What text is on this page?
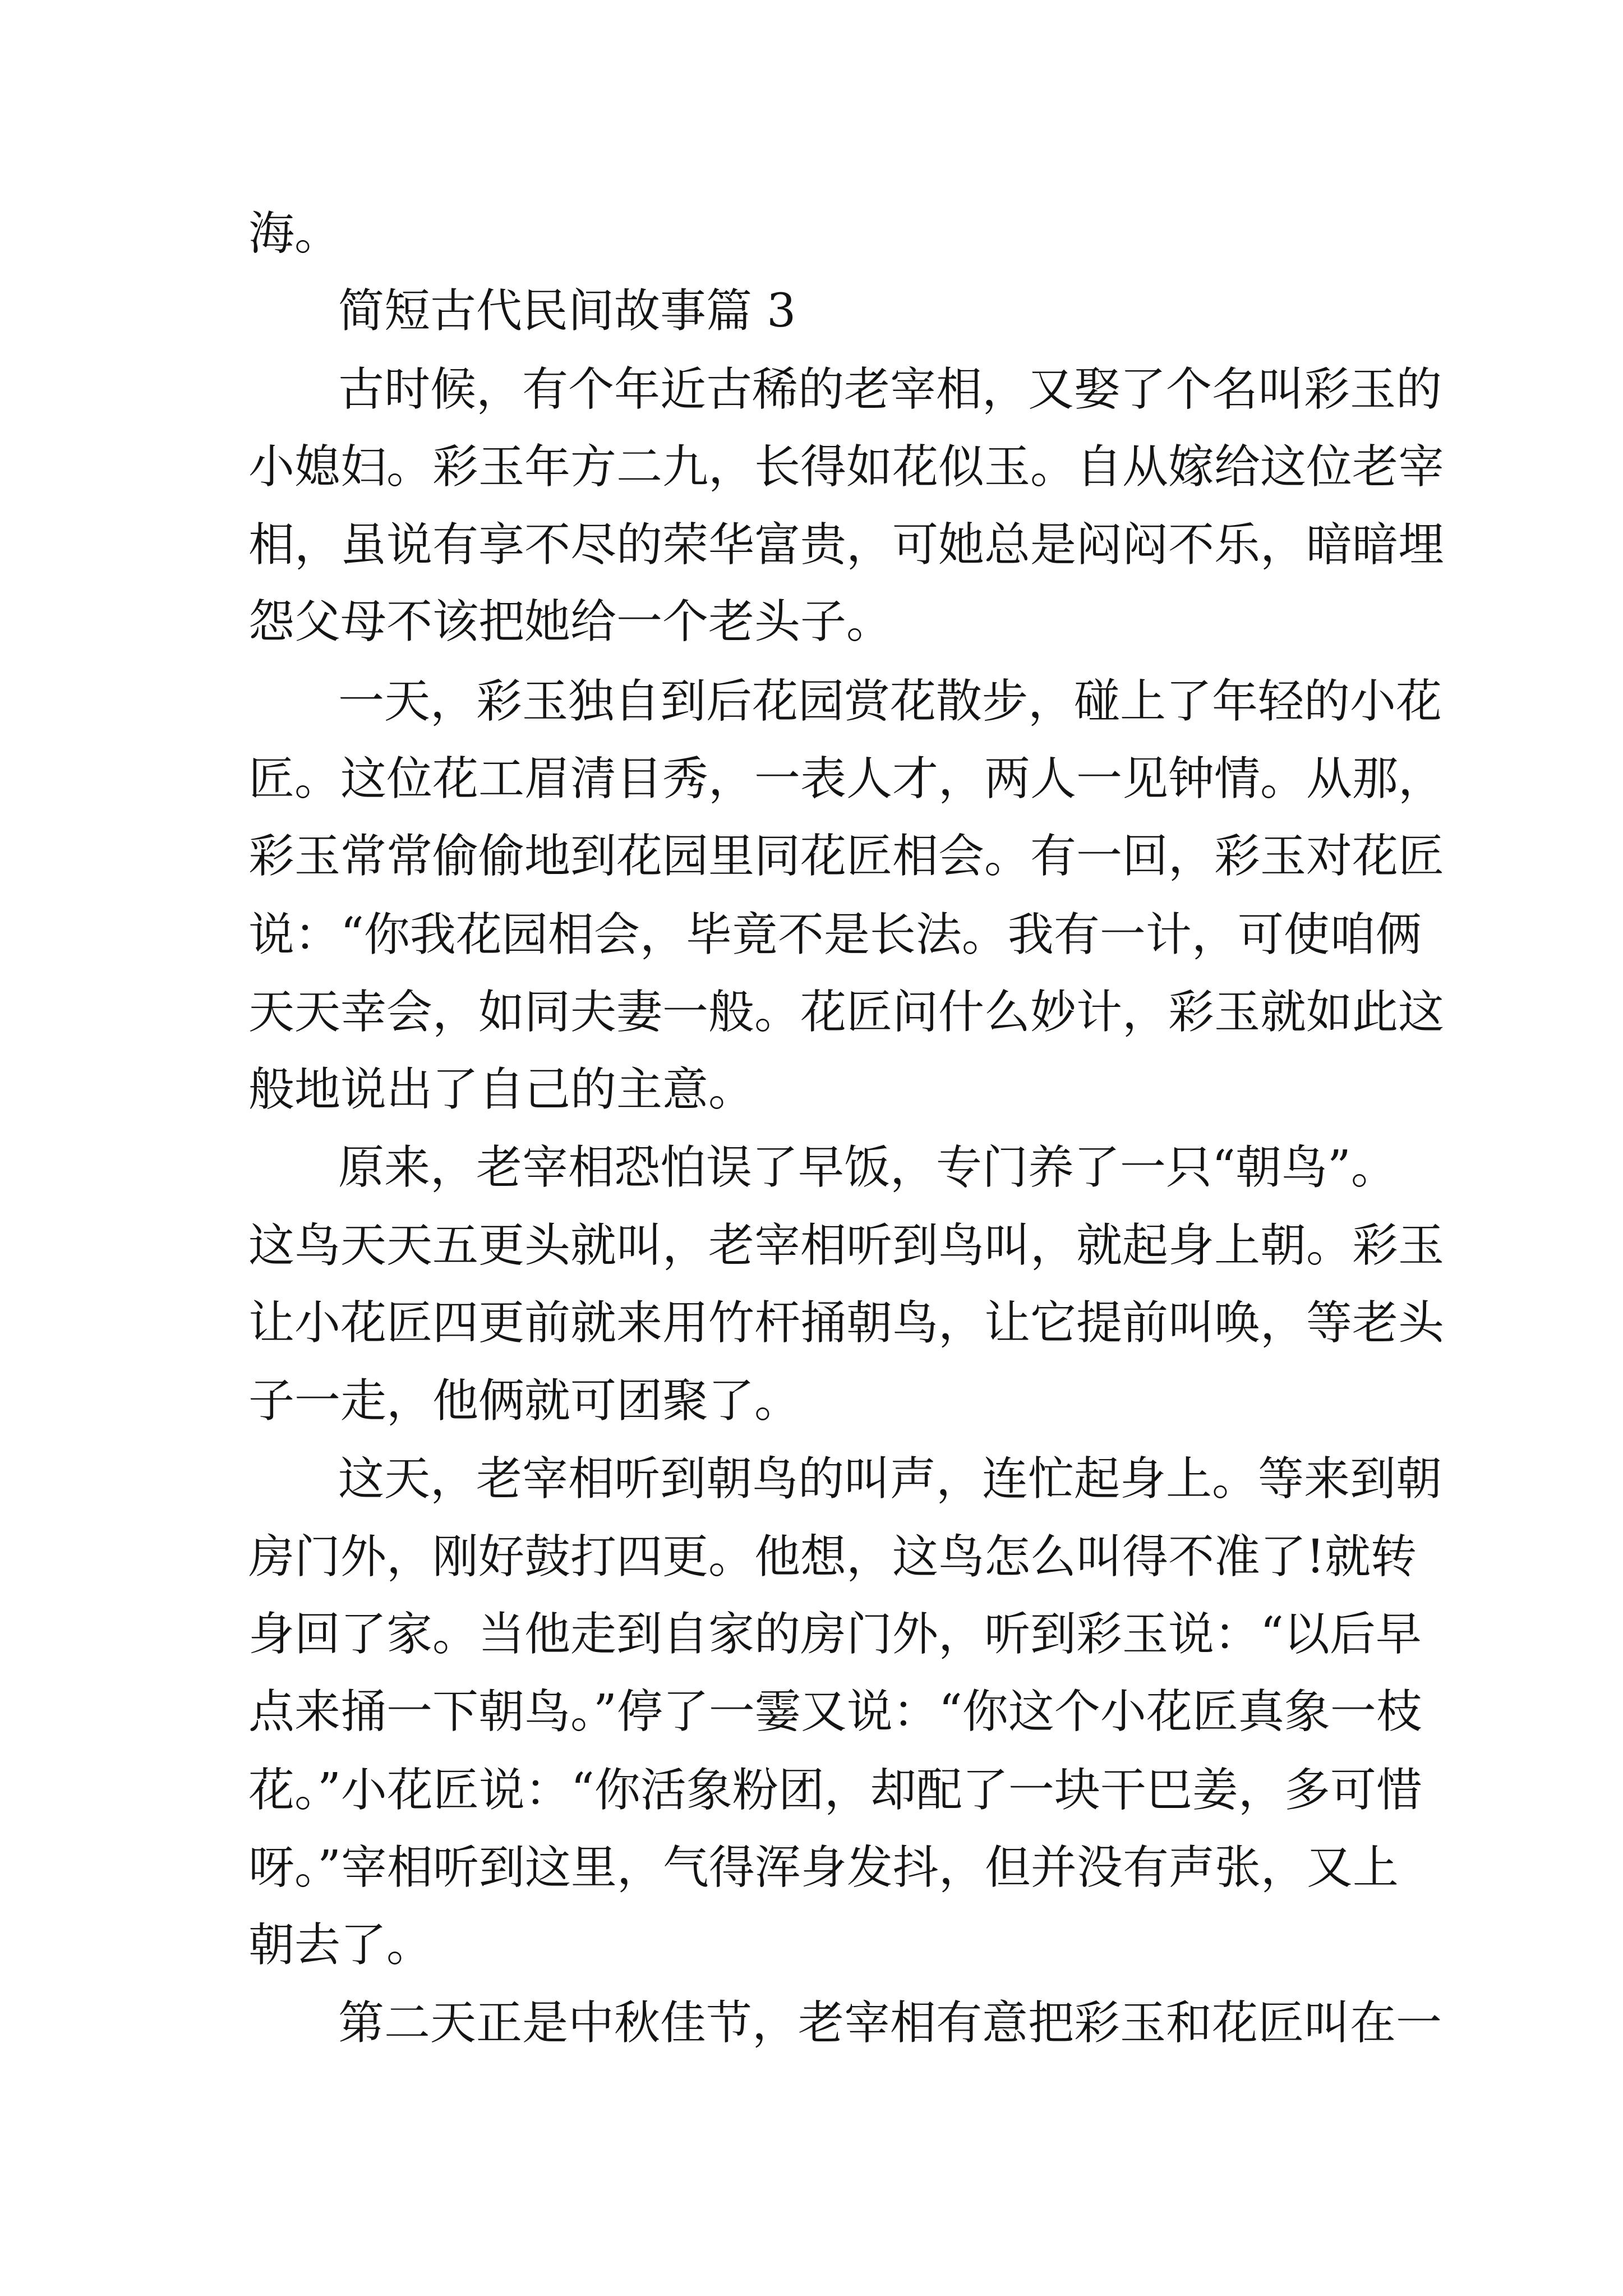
海。
简短古代民间故事篇 3
古时候，有个年近古稀的老宰相，又娶了个名叫彩玉的
小媳妇。彩玉年方二九，长得如花似玉。自从嫁给这位老宰
相，虽说有享不尽的荣华富贵，可她总是闷闷不乐，暗暗埋
怨父母不该把她给一个老头子。
一天，彩玉独自到后花园赏花散步，碰上了年轻的小花
匠。这位花工眉清目秀，一表人才，两人一见钟情。从那，
彩玉常常偷偷地到花园里同花匠相会。有一回，彩玉对花匠
说：“你我花园相会，毕竟不是长法。我有一计，可使咱俩
天天幸会，如同夫妻一般。花匠问什么妙计，彩玉就如此这
般地说出了自己的主意。
原来，老宰相恐怕误了早饭，专门养了一只“朝鸟”。
这鸟天天五更头就叫，老宰相听到鸟叫，就起身上朝。彩玉
让小花匠四更前就来用竹杆捅朝鸟，让它提前叫唤，等老头
子一走，他俩就可团聚了。
这天，老宰相听到朝鸟的叫声，连忙起身上。等来到朝
房门外，刚好鼓打四更。他想，这鸟怎么叫得不准了!就转
身回了家。当他走到自家的房门外，听到彩玉说：“以后早
点来捅一下朝鸟。”停了一霎又说：“你这个小花匠真象一枝
花。”小花匠说：“你活象粉团，却配了一块干巴姜，多可惜
呀。”宰相听到这里，气得浑身发抖，但并没有声张，又上
朝去了。
第二天正是中秋佳节，老宰相有意把彩玉和花匠叫在一
